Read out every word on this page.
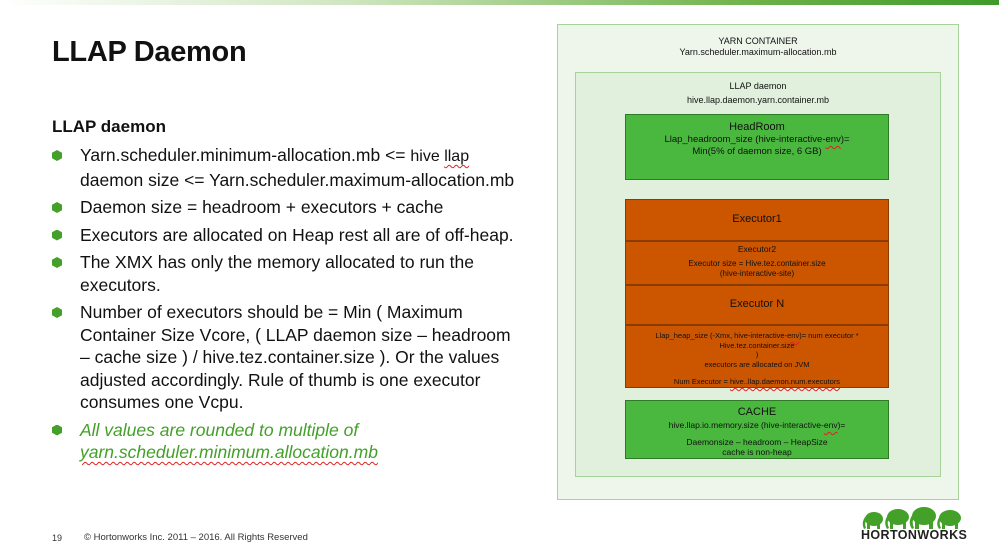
LLAP Daemon
LLAP daemon
Yarn.scheduler.minimum-allocation.mb <= hive llap daemon size <= Yarn.scheduler.maximum-allocation.mb
Daemon size = headroom + executors + cache
Executors are allocated on Heap rest all are of off-heap.
The XMX has only the memory allocated to run the executors.
Number of executors should be = Min ( Maximum Container Size Vcore, ( LLAP daemon size – headroom – cache size ) / hive.tez.container.size ). Or the values adjusted accordingly. Rule of thumb is one executor consumes one Vcpu.
All values are rounded to multiple of yarn.scheduler.minimum.allocation.mb
YARN CONTAINER
Yarn.scheduler.maximum-allocation.mb
LLAP daemon
hive.llap.daemon.yarn.container.mb
HeadRoom
Llap_headroom_size (hive-interactive-env)=
Min(5% of daemon size, 6 GB)
Executor1
Executor2
Executor size = Hive.tez.container.size
(hive-interactive-site)
Executor N
Llap_heap_size (-Xmx, hive-interactive-env)= num executor *
Hive.tez.container.size
)
executors are allocated on JVM
Num Executor = hive..llap.daemon.num.executors
CACHE
hive.llap.io.memory.size (hive-interactive-env)=
Daemonsize – headroom – HeapSize
cache is non-heap
19 © Hortonworks Inc. 2011 – 2016. All Rights Reserved	HORTONWORKS
